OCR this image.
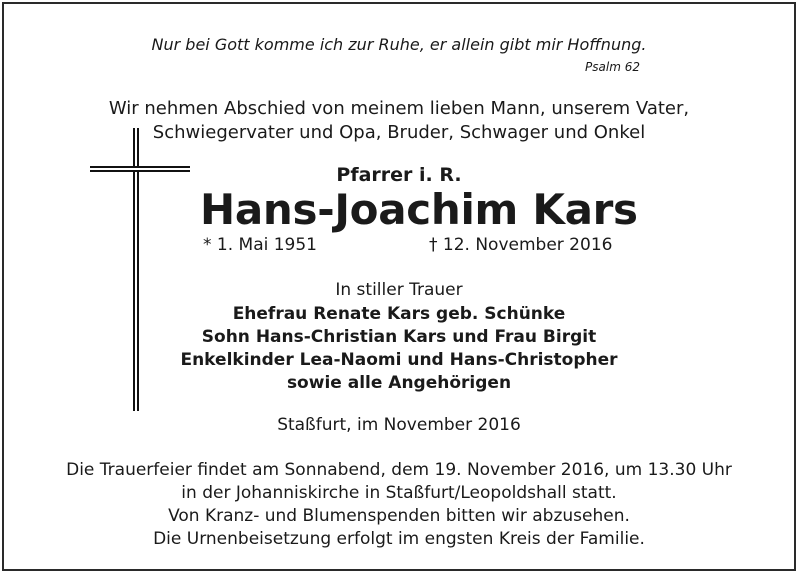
Nur bei Gott komme ich zur Ruhe, er allein gibt mir Hoffnung.
Psalm 62
Wir nehmen Abschied von meinem lieben Mann, unserem Vater,
Schwiegervater und Opa, Bruder, Schwager und Onkel
Pfarrer i. R.
Hans-Joachim Kars
* 1. Mai 1951	† 12. November 2016
In stiller Trauer
Ehefrau Renate Kars geb. Schünke
Sohn Hans-Christian Kars und Frau Birgit
Enkelkinder Lea-Naomi und Hans-Christopher
sowie alle Angehörigen
Staßfurt, im November 2016
Die Trauerfeier findet am Sonnabend, dem 19. November 2016, um 13.30 Uhr
in der Johanniskirche in Staßfurt/Leopoldshall statt.
Von Kranz- und Blumenspenden bitten wir abzusehen.
Die Urnenbeisetzung erfolgt im engsten Kreis der Familie.
